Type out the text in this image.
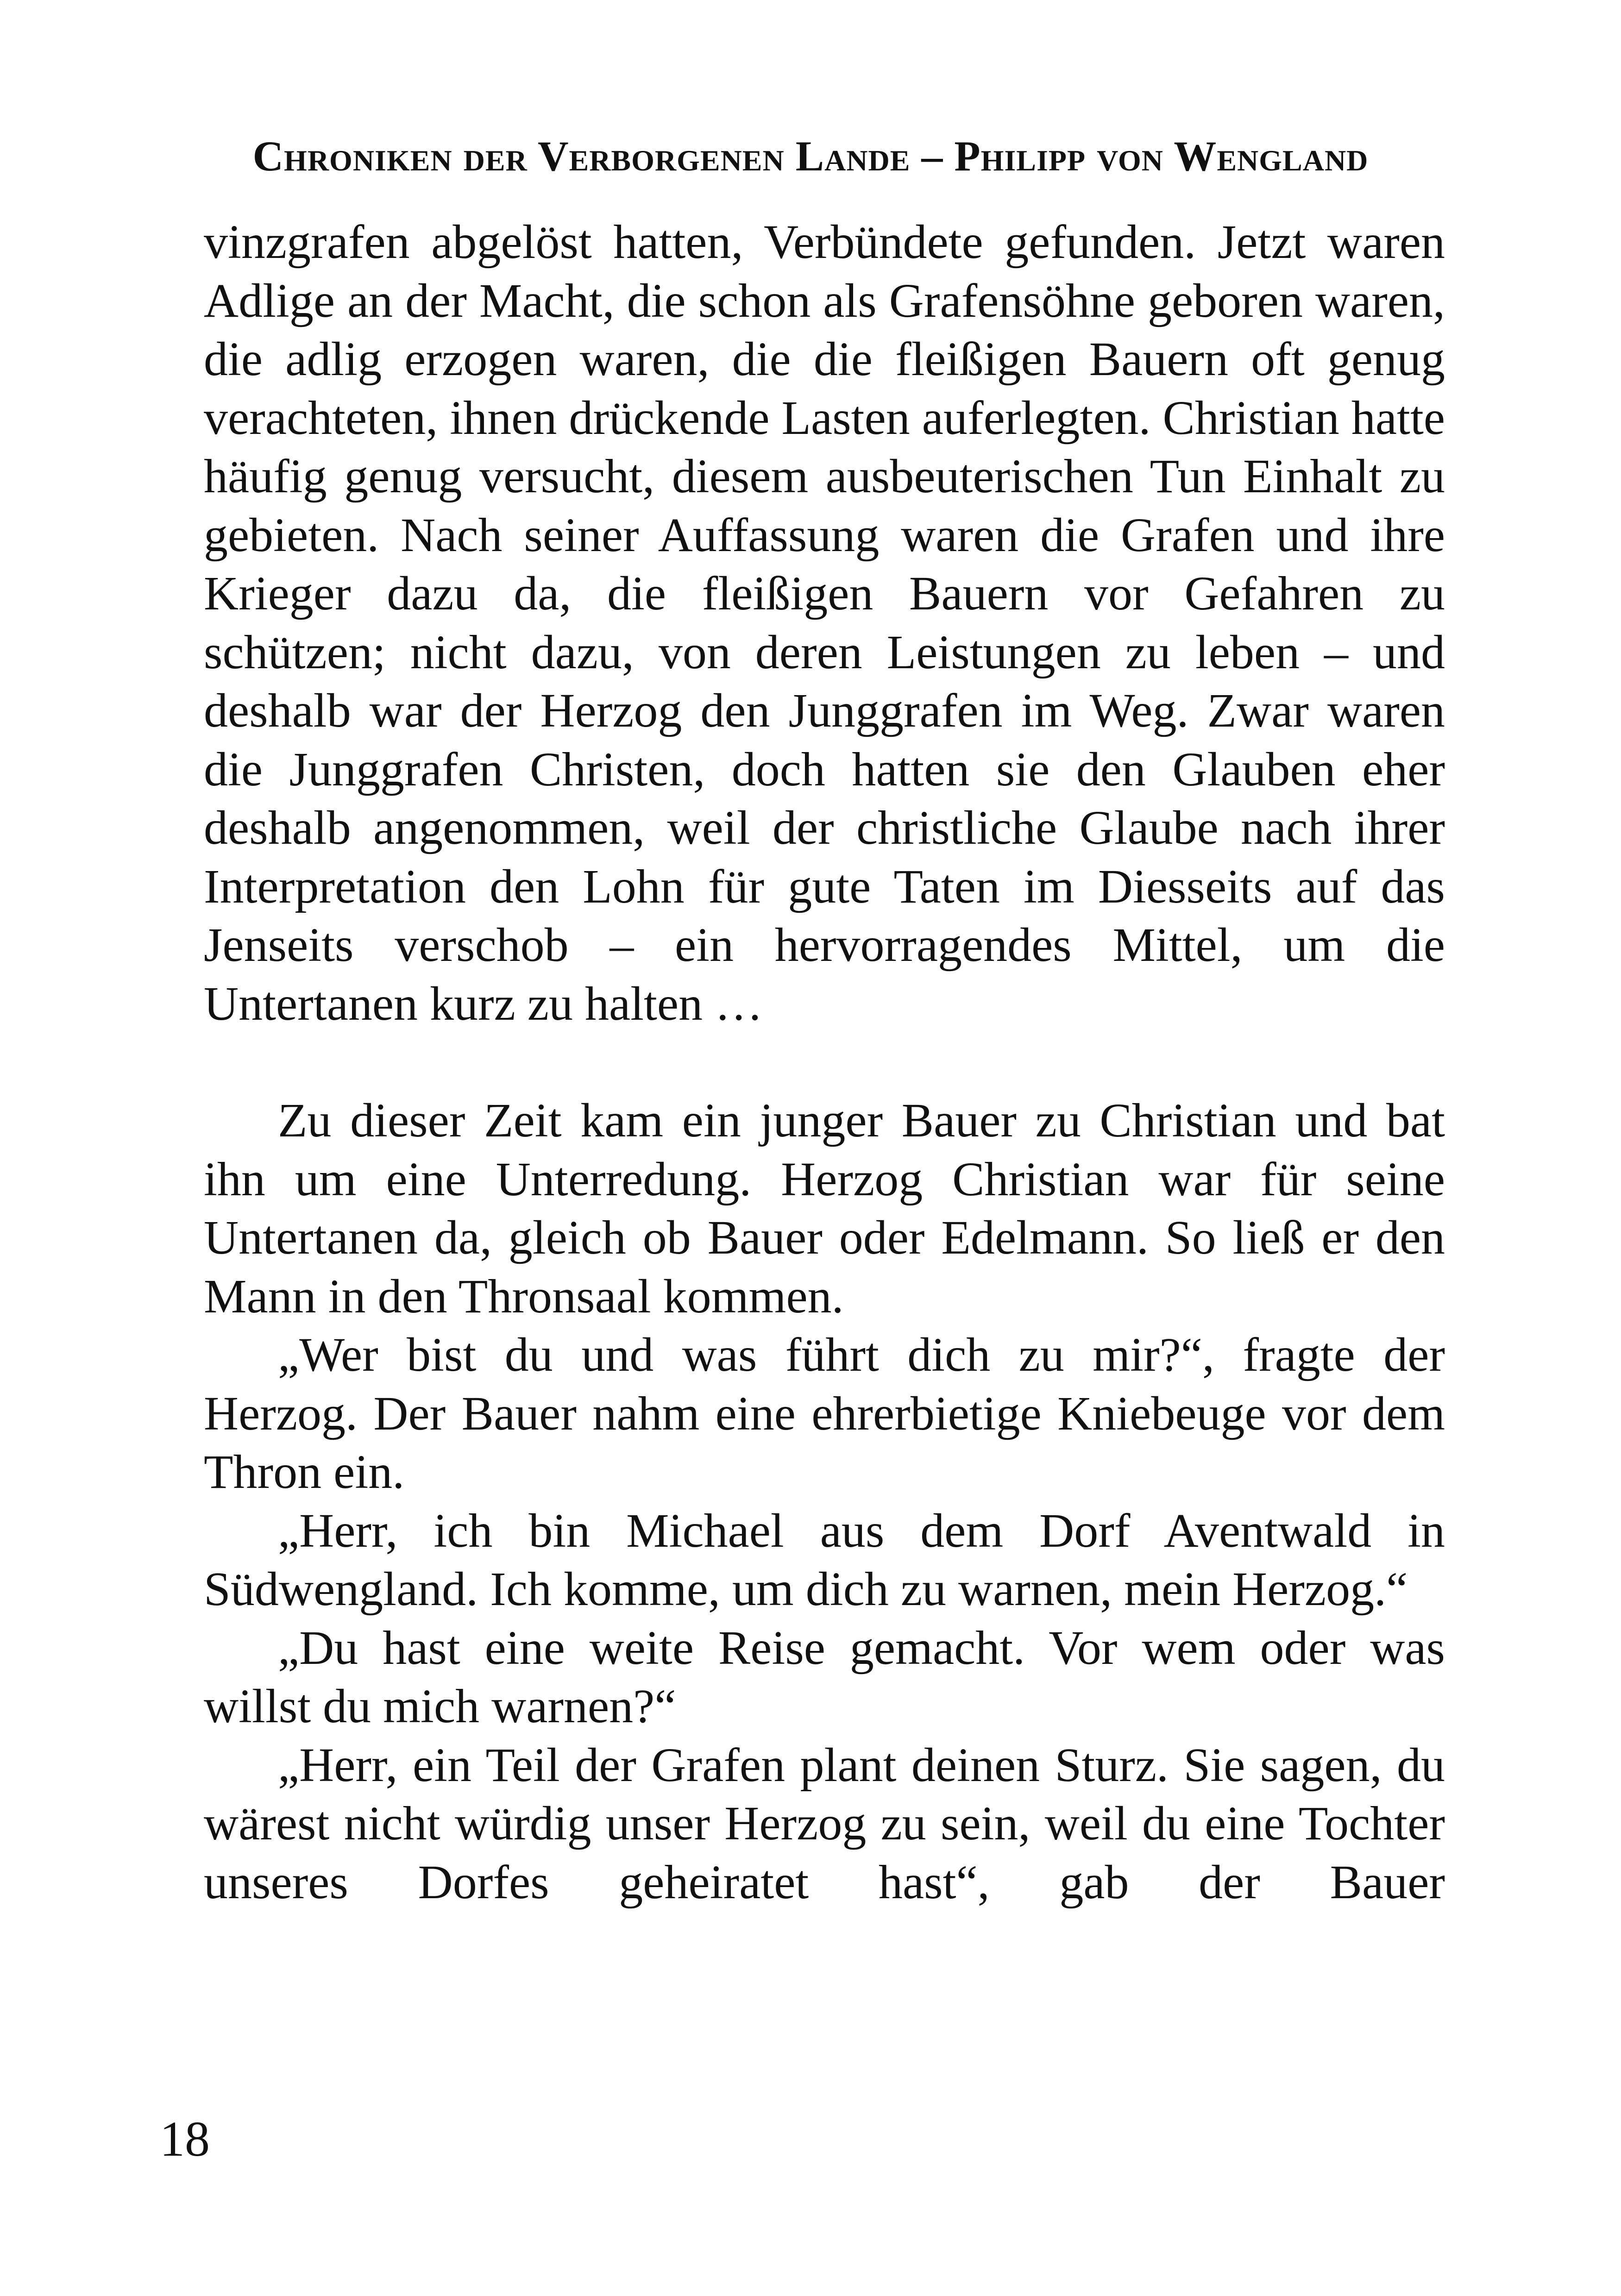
Chroniken der Verborgenen Lande – Philipp von Wengland

vinzgrafen abgelöst hatten, Verbündete gefunden. Jetzt waren Adlige an der Macht, die schon als Grafensöhne geboren waren, die adlig erzogen waren, die die fleißigen Bauern oft genug verachteten, ihnen drückende Lasten auferlegten. Christian hatte häufig genug versucht, diesem ausbeuterischen Tun Einhalt zu gebieten. Nach seiner Auffassung waren die Grafen und ihre Krieger dazu da, die fleißigen Bauern vor Gefahren zu schützen; nicht dazu, von deren Leistungen zu leben – und deshalb war der Herzog den Junggrafen im Weg. Zwar waren die Junggrafen Christen, doch hatten sie den Glauben eher deshalb angenommen, weil der christliche Glaube nach ihrer Interpretation den Lohn für gute Taten im Diesseits auf das Jenseits verschob – ein hervorragendes Mittel, um die Untertanen kurz zu halten …

Zu dieser Zeit kam ein junger Bauer zu Christian und bat ihn um eine Unterredung. Herzog Christian war für seine Untertanen da, gleich ob Bauer oder Edelmann. So ließ er den Mann in den Thronsaal kommen.

„Wer bist du und was führt dich zu mir?“, fragte der Herzog. Der Bauer nahm eine ehrerbietige Kniebeuge vor dem Thron ein.

„Herr, ich bin Michael aus dem Dorf Aventwald in Südwengland. Ich komme, um dich zu warnen, mein Herzog.“

„Du hast eine weite Reise gemacht. Vor wem oder was willst du mich warnen?“

„Herr, ein Teil der Grafen plant deinen Sturz. Sie sagen, du wärest nicht würdig unser Herzog zu sein, weil du eine Tochter unseres Dorfes geheiratet hast“, gab der Bauer

18
